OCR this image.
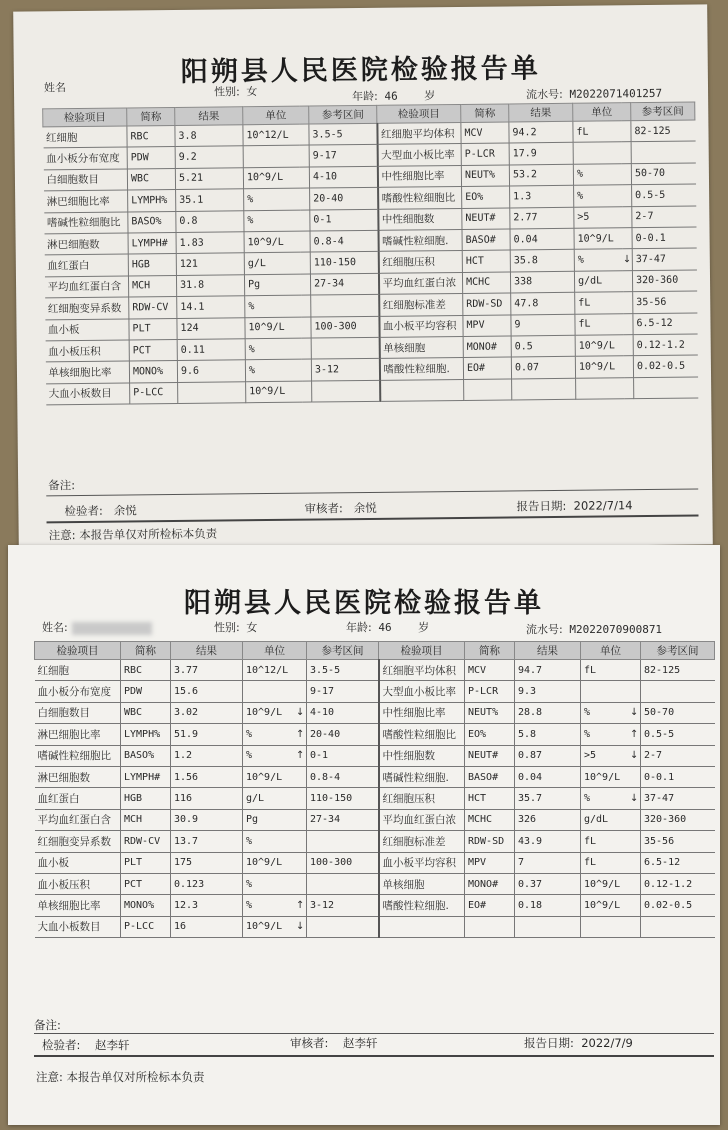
阳朔县人民医院检验报告单
姓名	性别: 女	年龄: 46 岁	流水号: M2022071401257
检验项目	简称	结果	单位		参考区间	检验项目	简称	结果	单位		参考区间
红细胞	RBC	3.8	10^12/L		3.5-5	红细胞平均体积	MCV	94.2	fL		82-125
血小板分布宽度	PDW	9.2			9-17	大型血小板比率	P-LCR	17.9			
白细胞数目	WBC	5.21	10^9/L		4-10	中性细胞比率	NEUT%	53.2	%		50-70
淋巴细胞比率	LYMPH%	35.1	%		20-40	嗜酸性粒细胞比	EO%	1.3	%		0.5-5
嗜碱性粒细胞比	BASO%	0.8	%		0-1	中性细胞数	NEUT#	2.77	>5		2-7
淋巴细胞数	LYMPH#	1.83	10^9/L		0.8-4	嗜碱性粒细胞.	BASO#	0.04	10^9/L		0-0.1
血红蛋白	HGB	121	g/L		110-150	红细胞压积	HCT	35.8	%	↓	37-47
平均血红蛋白含	MCH	31.8	Pg		27-34	平均血红蛋白浓	MCHC	338	g/dL		320-360
红细胞变异系数	RDW-CV	14.1	%			红细胞标准差	RDW-SD	47.8	fL		35-56
血小板	PLT	124	10^9/L		100-300	血小板平均容积	MPV	9	fL		6.5-12
血小板压积	PCT	0.11	%			单核细胞	MONO#	0.5	10^9/L		0.12-1.2
单核细胞比率	MONO%	9.6	%		3-12	嗜酸性粒细胞.	EO#	0.07	10^9/L		0.02-0.5
大血小板数目	P-LCC		10^9/L								
备注:
检验者: 余悦	审核者: 余悦	报告日期: 2022/7/14
注意: 本报告单仅对所检标本负责
阳朔县人民医院检验报告单
姓名:	性别: 女	年龄: 46 岁	流水号: M2022070900871
检验项目	简称	结果	单位		参考区间	检验项目	简称	结果	单位		参考区间
红细胞	RBC	3.77	10^12/L		3.5-5	红细胞平均体积	MCV	94.7	fL		82-125
血小板分布宽度	PDW	15.6			9-17	大型血小板比率	P-LCR	9.3			
白细胞数目	WBC	3.02	10^9/L	↓	4-10	中性细胞比率	NEUT%	28.8	%	↓	50-70
淋巴细胞比率	LYMPH%	51.9	%	↑	20-40	嗜酸性粒细胞比	EO%	5.8	%	↑	0.5-5
嗜碱性粒细胞比	BASO%	1.2	%	↑	0-1	中性细胞数	NEUT#	0.87	>5	↓	2-7
淋巴细胞数	LYMPH#	1.56	10^9/L		0.8-4	嗜碱性粒细胞.	BASO#	0.04	10^9/L		0-0.1
血红蛋白	HGB	116	g/L		110-150	红细胞压积	HCT	35.7	%	↓	37-47
平均血红蛋白含	MCH	30.9	Pg		27-34	平均血红蛋白浓	MCHC	326	g/dL		320-360
红细胞变异系数	RDW-CV	13.7	%			红细胞标准差	RDW-SD	43.9	fL		35-56
血小板	PLT	175	10^9/L		100-300	血小板平均容积	MPV	7	fL		6.5-12
血小板压积	PCT	0.123	%			单核细胞	MONO#	0.37	10^9/L		0.12-1.2
单核细胞比率	MONO%	12.3	%	↑	3-12	嗜酸性粒细胞.	EO#	0.18	10^9/L		0.02-0.5
大血小板数目	P-LCC	16	10^9/L	↓							
备注:
检验者: 赵李轩	审核者: 赵李轩	报告日期: 2022/7/9
注意: 本报告单仅对所检标本负责
